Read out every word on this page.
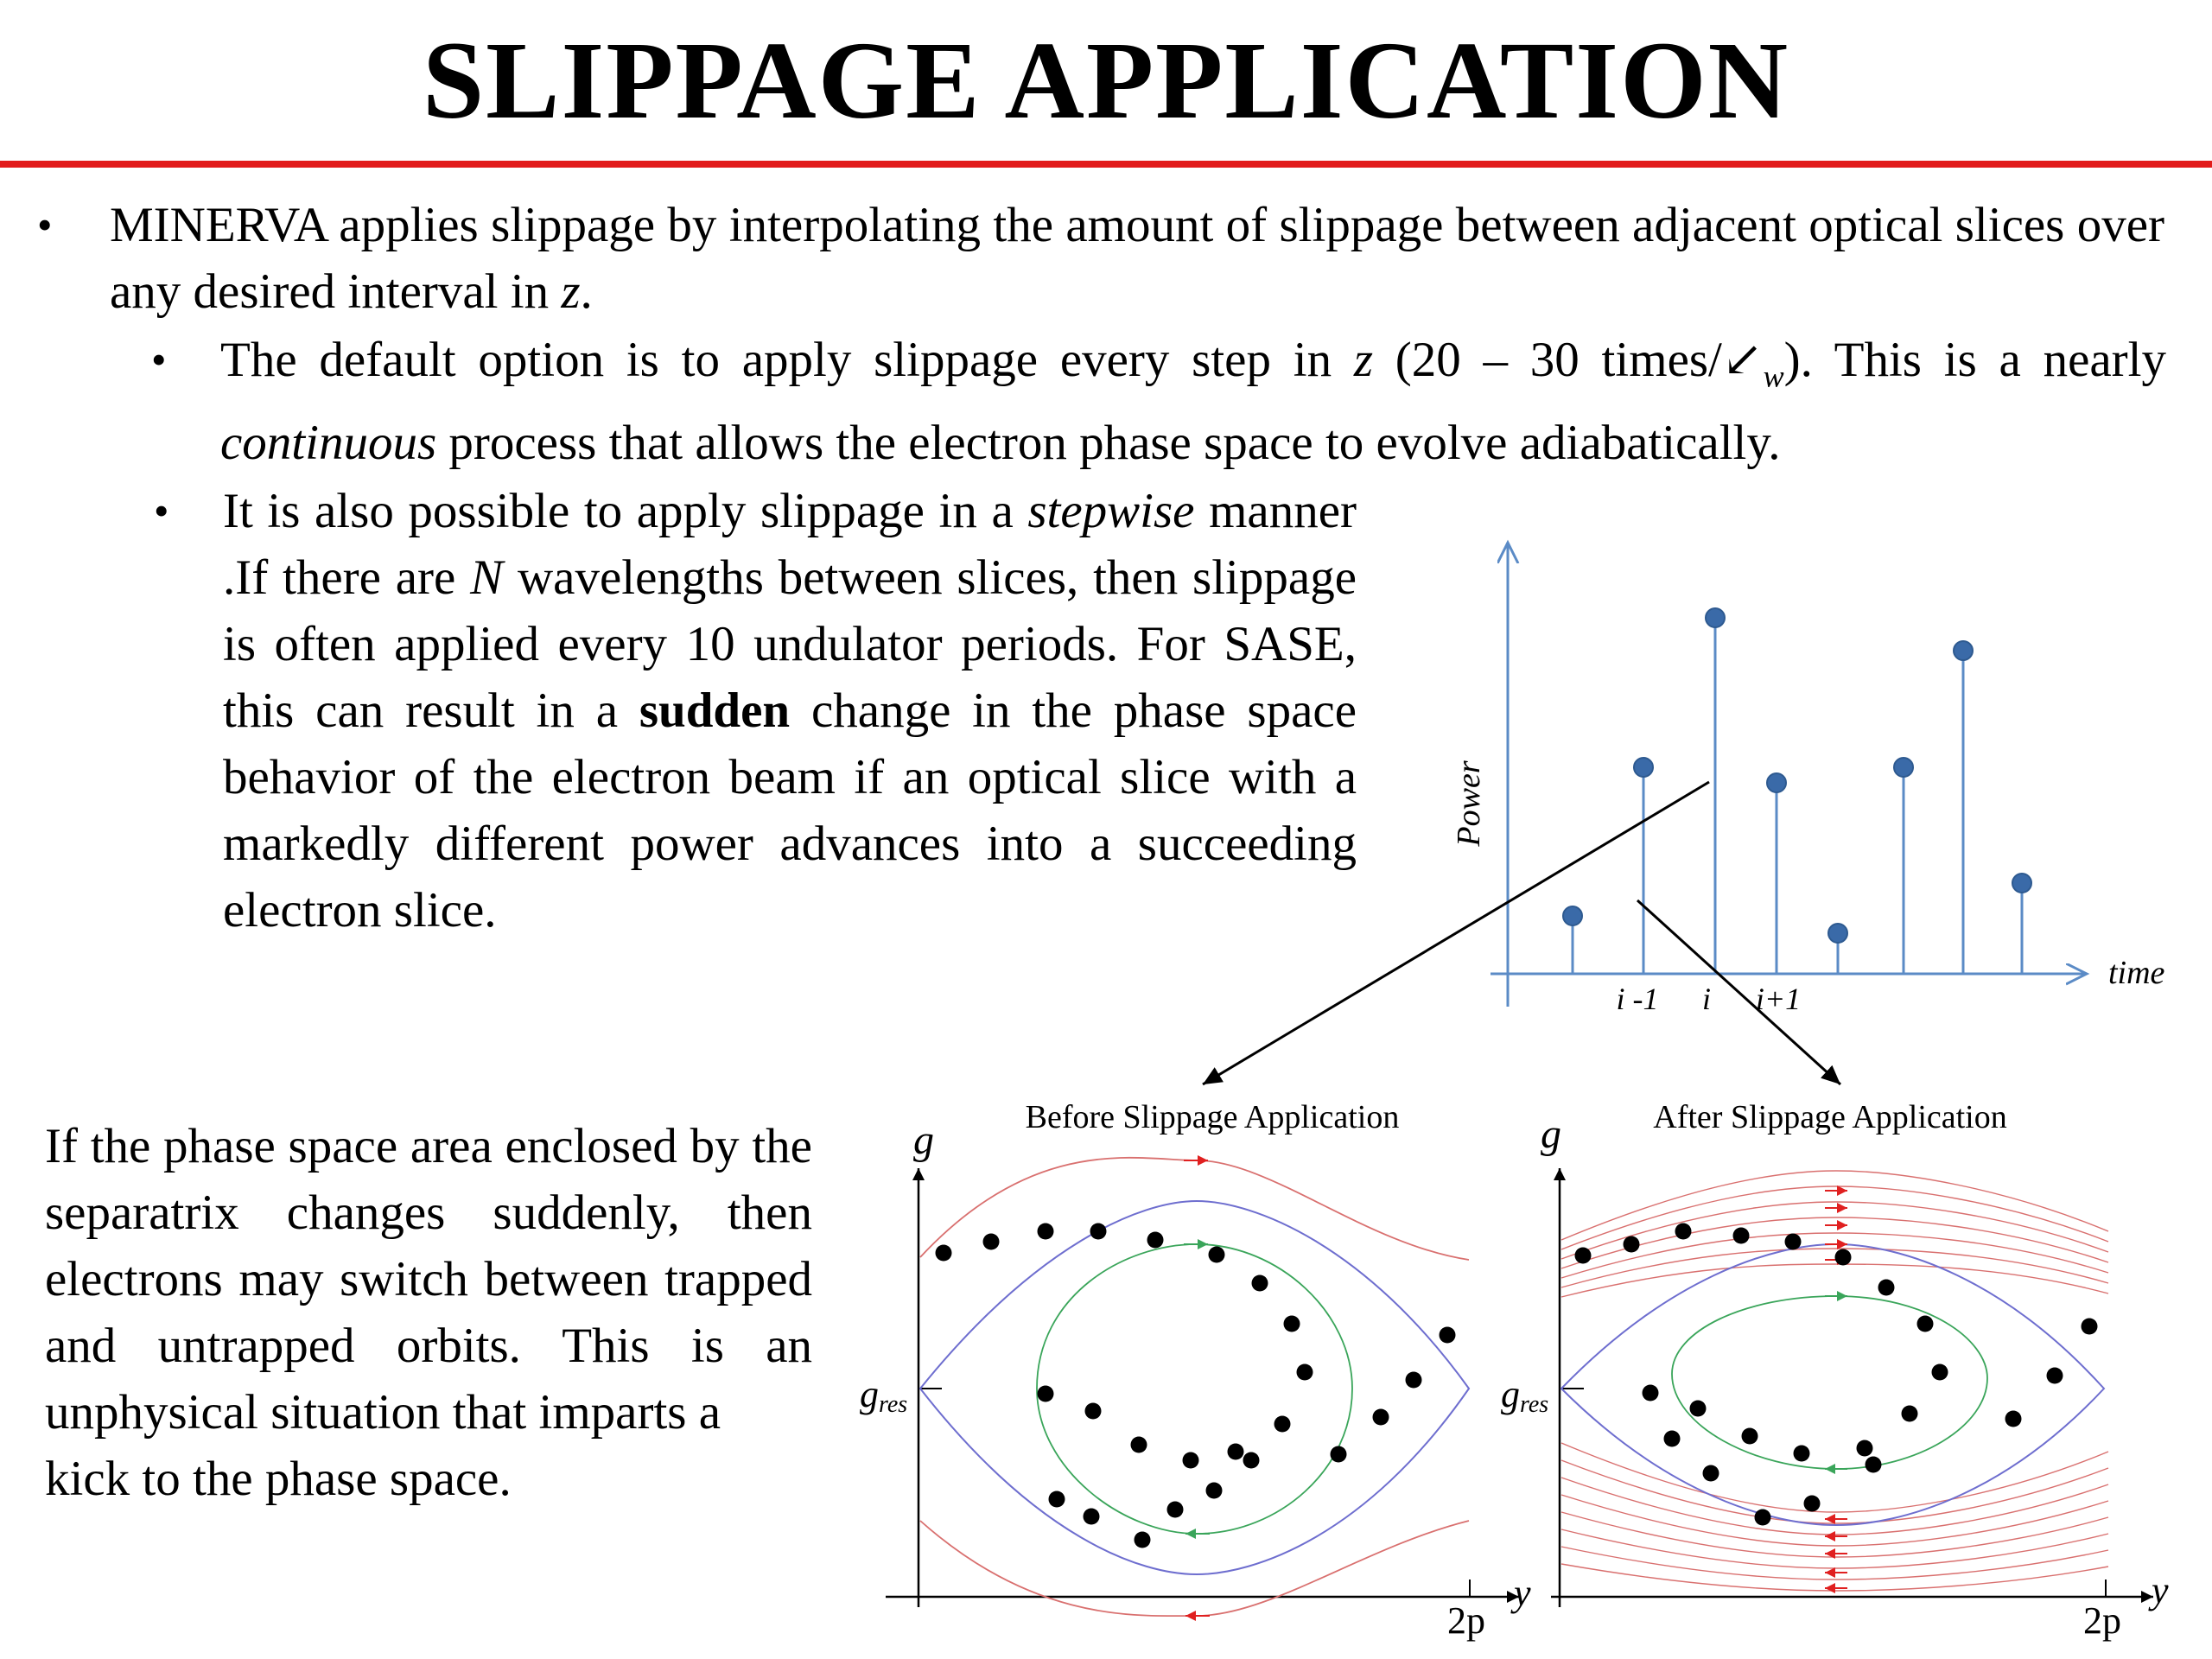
SLIPPAGE APPLICATION
• MINERVA applies slippage by interpolating the amount of slippage between adjacent optical slices over any desired interval in z.
• The default option is to apply slippage every step in z (20 – 30 times/$↙_w$). This is a nearly continuous process that allows the electron phase space to evolve adiabatically.
• It is also possible to apply slippage in a stepwise manner .If there are N wavelengths between slices, then slippage is often applied every 10 undulator periods. For SASE, this can result in a sudden change in the phase space behavior of the electron beam if an optical slice with a markedly different power advances into a succeeding electron slice.
If the phase space area enclosed by the separatrix changes suddenly, then electrons may switch between trapped and untrapped orbits. This is an unphysical situation that imparts a
kick to the phase space.
Power
time
i -1 i i+1
Before Slippage Application
g
gres
2p
y
After Slippage Application
g
gres
2p
y
